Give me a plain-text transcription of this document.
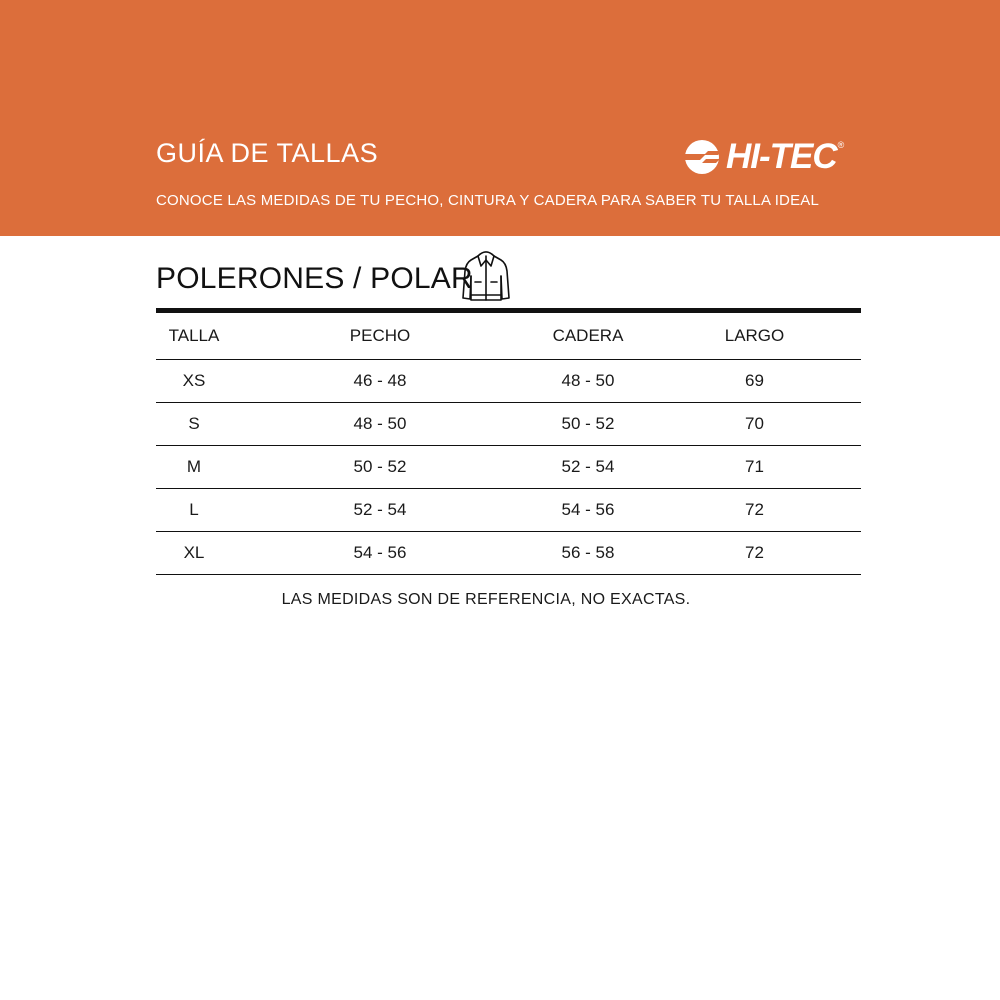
GUÍA DE TALLAS

CONOCE LAS MEDIDAS DE TU PECHO, CINTURA Y CADERA PARA SABER TU TALLA IDEAL

HI-TEC ®
POLERONES / POLAR
TALLA	PECHO	CADERA	LARGO
XS	46 - 48	48 - 50	69
S	48 - 50	50 - 52	70
M	50 - 52	52 - 54	71
L	52 - 54	54 - 56	72
XL	54 - 56	56 - 58	72

LAS MEDIDAS SON DE REFERENCIA, NO EXACTAS.
